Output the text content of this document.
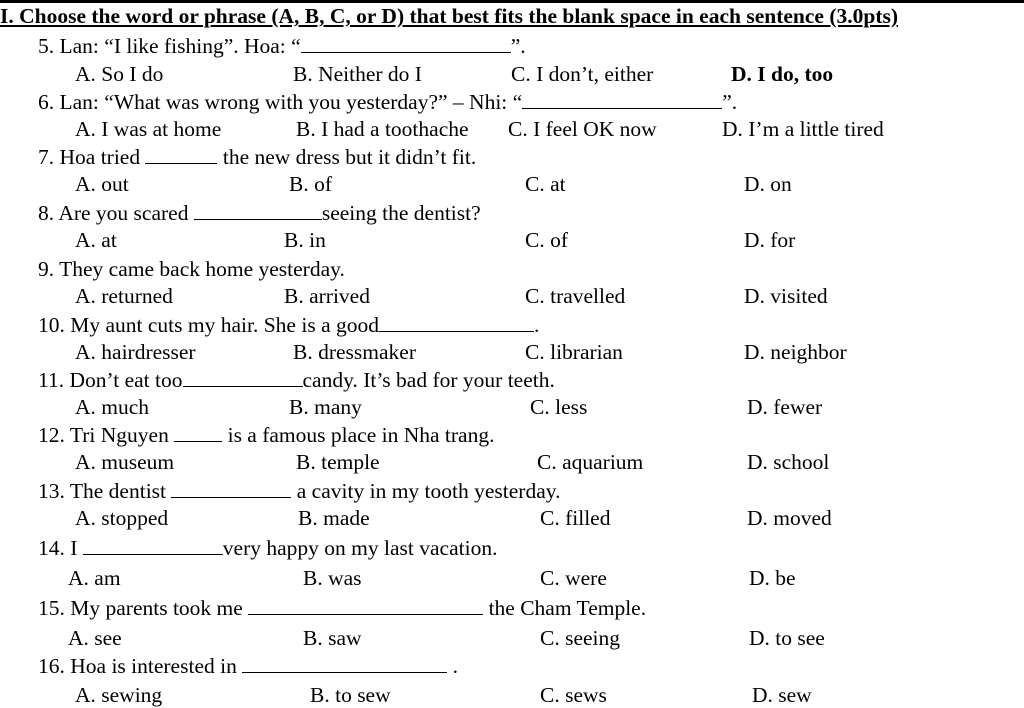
I. Choose the word or phrase (A, B, C, or D) that best fits the blank space in each sentence (3.0pts)
5. Lan: “I like fishing”. Hoa: “	”.
A. So I do	B. Neither do I	C. I don’t, either	D. I do, too
6. Lan: “What was wrong with you yesterday?” – Nhi: “	”.
A. I was at home	B. I had a toothache C. I feel OK now	D. I’m a little tired
7. Hoa tried	the new dress but it didn’t fit.
A. out	B. of	C. at	D. on
8. Are you scared	seeing the dentist?
A. at	B. in	C. of	D. for
9. They came back home yesterday.
A. returned	B. arrived	C. travelled	D. visited
10. My aunt cuts my hair. She is a good	.
A. hairdresser	B. dressmaker	C. librarian	D. neighbor
11. Don’t eat too	candy. It’s bad for your teeth.
A. much	B. many	C. less	D. fewer
12. Tri Nguyen  is a famous place in Nha trang.
A. museum	B. temple	C. aquarium	D. school
13. The dentist	a cavity in my tooth yesterday.
A. stopped	B. made	C. filled	D. moved
14. I	very happy on my last vacation.
A. am	B. was	C. were	D. be
15. My parents took me	the Cham Temple.
A. see	B. saw	C. seeing	D. to see
16. Hoa is interested in	.
A. sewing	B. to sew	C. sews	D. sew
